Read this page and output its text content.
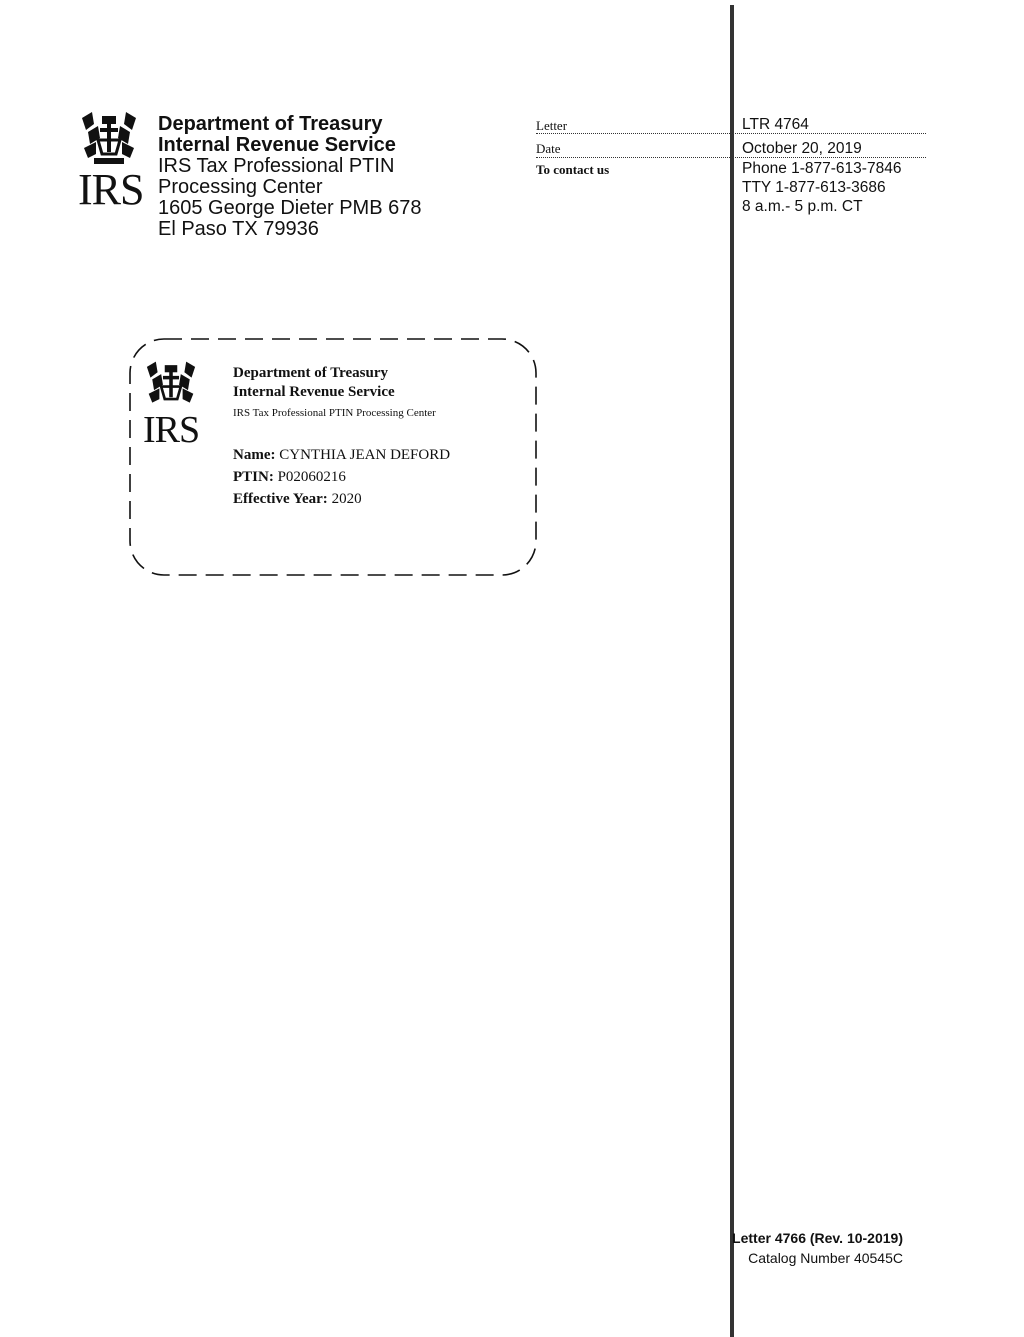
IRS
Department of Treasury
Internal Revenue Service
IRS Tax Professional PTIN
Processing Center
1605 George Dieter PMB 678
El Paso TX 79936
Letter
Date
To contact us
LTR 4764
October 20, 2019
Phone 1-877-613-7846
TTY 1-877-613-3686
8 a.m.- 5 p.m. CT
IRS
Department of Treasury
Internal Revenue Service
IRS Tax Professional PTIN Processing Center
Name: CYNTHIA JEAN DEFORD
PTIN: P02060216
Effective Year: 2020
Letter 4766 (Rev. 10-2019)
Catalog Number 40545C
